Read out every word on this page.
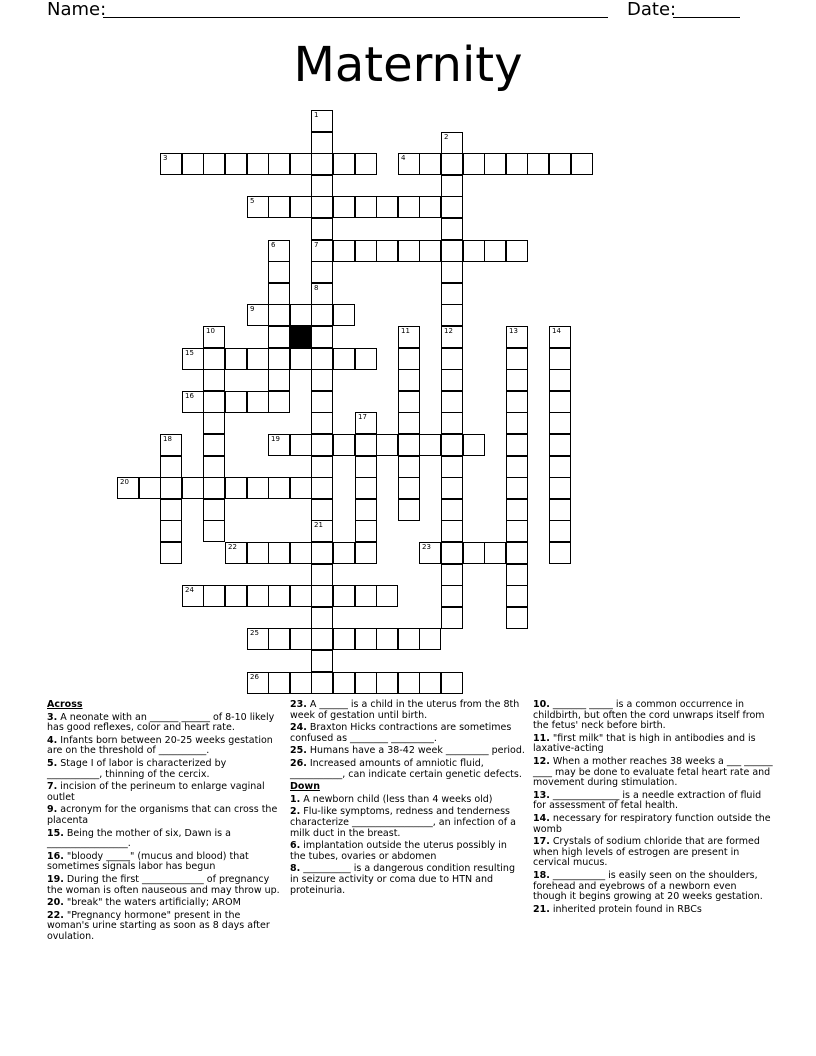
Name:	Date:
Maternity
3	4
5
7
9
15
16
19
20
22	23
24
25
26
1
8
21
2
6
10	11	12	13	14
17
18
Across
3. A neonate with an ______ ______ of 8-10 likely has good reflexes, color and heart rate.
4. Infants born between 20-25 weeks gestation are on the threshold of __________.
5. Stage I of labor is characterized by ___________, thinning of the cercix.
7. incision of the perineum to enlarge vaginal outlet
9. acronym for the organisms that can cross the placenta
15. Being the mother of six, Dawn is a _________________.
16. "bloody _____" (mucus and blood) that sometimes signals labor has begun
19. During the first _____________ of pregnancy the woman is often nauseous and may throw up.
20. "break" the waters artificially; AROM
22. "Pregnancy hormone" present in the woman's urine starting as soon as 8 days after ovulation.
23. A ______ is a child in the uterus from the 8th week of gestation until birth.
24. Braxton Hicks contractions are sometimes confused as ________ _________.
25. Humans have a 38-42 week _________ period.
26. Increased amounts of amniotic fluid, ___________, can indicate certain genetic defects.
Down
1. A newborn child (less than 4 weeks old)
2. Flu-like symptoms, redness and tenderness characterize _________________, an infection of a milk duct in the breast.
6. implantation outside the uterus possibly in the tubes, ovaries or abdomen
8. __________ is a dangerous condition resulting in seizure activity or coma due to HTN and proteinuria.
10. _______ _____ is a common occurrence in childbirth, but often the cord unwraps itself from the fetus' neck before birth.
11. "first milk" that is high in antibodies and is laxative-acting
12. When a mother reaches 38 weeks a ___ ______ ____ may be done to evaluate fetal heart rate and movement during stimulation.
13. ______________ is a needle extraction of fluid for assessment of fetal health.
14. necessary for respiratory function outside the womb
17. Crystals of sodium chloride that are formed when high levels of estrogen are present in cervical mucus.
18. ___________ is easily seen on the shoulders, forehead and eyebrows of a newborn even though it begins growing at 20 weeks gestation.
21. inherited protein found in RBCs
